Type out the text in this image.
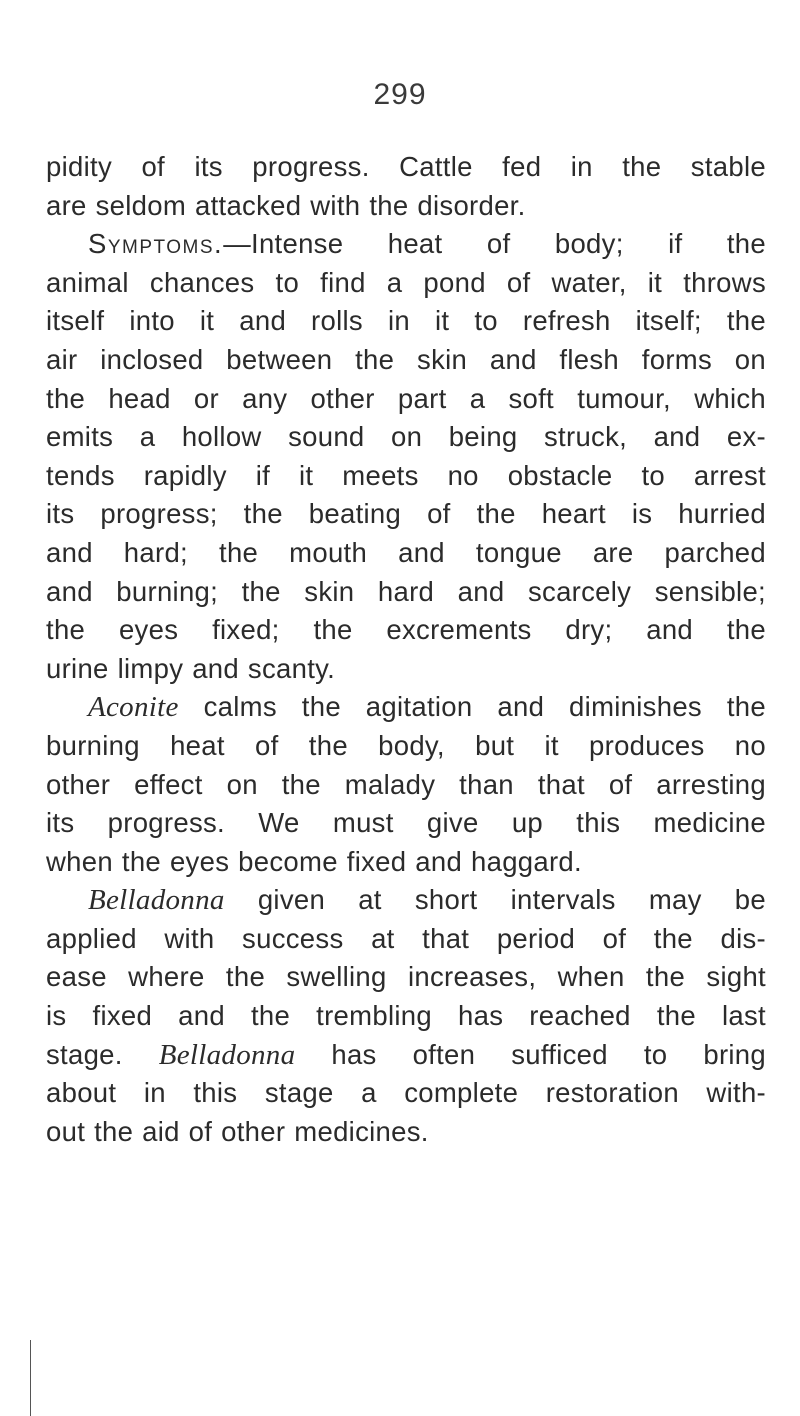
299
pidity of its progress. Cattle fed in the stable
are seldom attacked with the disorder.
Symptoms.—Intense heat of body; if the
animal chances to find a pond of water, it throws
itself into it and rolls in it to refresh itself; the
air inclosed between the skin and flesh forms on
the head or any other part a soft tumour, which
emits a hollow sound on being struck, and ex-
tends rapidly if it meets no obstacle to arrest
its progress; the beating of the heart is hurried
and hard; the mouth and tongue are parched
and burning; the skin hard and scarcely sensible;
the eyes fixed; the excrements dry; and the
urine limpy and scanty.
Aconite calms the agitation and diminishes the
burning heat of the body, but it produces no
other effect on the malady than that of arresting
its progress. We must give up this medicine
when the eyes become fixed and haggard.
Belladonna given at short intervals may be
applied with success at that period of the dis-
ease where the swelling increases, when the sight
is fixed and the trembling has reached the last
stage. Belladonna has often sufficed to bring
about in this stage a complete restoration with-
out the aid of other medicines.
